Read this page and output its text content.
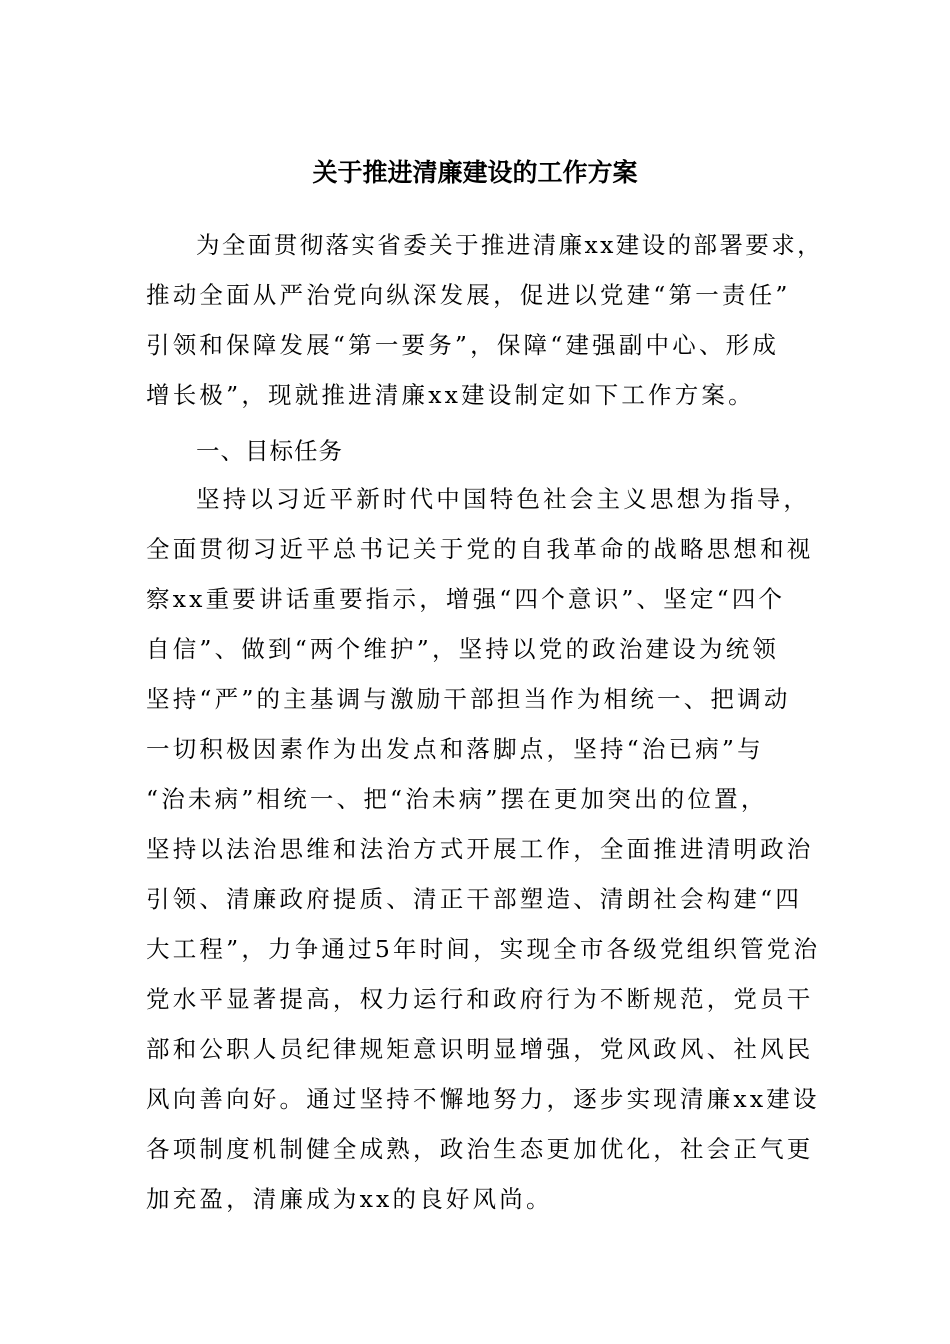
关于推进清廉建设的工作方案
为全面贯彻落实省委关于推进清廉xx建设的部署要求，
推动全面从严治党向纵深发展，促进以党建“第一责任”
引领和保障发展“第一要务”，保障“建强副中心、形成
增长极”，现就推进清廉xx建设制定如下工作方案。
一、目标任务
坚持以习近平新时代中国特色社会主义思想为指导，
全面贯彻习近平总书记关于党的自我革命的战略思想和视
察xx重要讲话重要指示，增强“四个意识”、坚定“四个
自信”、做到“两个维护”，坚持以党的政治建设为统领
坚持“严”的主基调与激励干部担当作为相统一、把调动
一切积极因素作为出发点和落脚点，坚持“治已病”与
“治未病”相统一、把“治未病”摆在更加突出的位置，
坚持以法治思维和法治方式开展工作，全面推进清明政治
引领、清廉政府提质、清正干部塑造、清朗社会构建“四
大工程”，力争通过5年时间，实现全市各级党组织管党治
党水平显著提高，权力运行和政府行为不断规范，党员干
部和公职人员纪律规矩意识明显增强，党风政风、社风民
风向善向好。通过坚持不懈地努力，逐步实现清廉xx建设
各项制度机制健全成熟，政治生态更加优化，社会正气更
加充盈，清廉成为xx的良好风尚。
